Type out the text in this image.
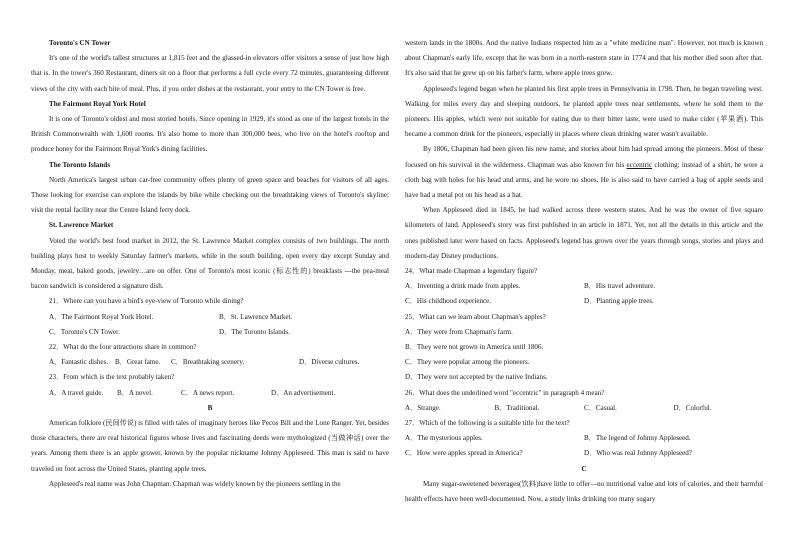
Toronto's CN Tower

It's one of the world's tallest structures at 1,815 feet and the glassed-in elevators offer visitors a sense of just how high that is. In the tower's 360 Restaurant, diners sit on a floor that performs a full cycle every 72 minutes, guaranteeing different views of the city with each bite of meal. Plus, if you order dishes at the restaurant, your entry to the CN Tower is free.

The Fairmont Royal York Hotel

It is one of Toronto's oldest and most storied hotels. Since opening in 1929, it's stood as one of the largest hotels in the British Commonwealth with 1,600 rooms. It's also home to more than 300,000 bees, who live on the hotel's rooftop and produce honey for the Fairmont Royal York's dining facilities.

The Toronto Islands

North America's largest urban car-free community offers plenty of green space and beaches for visitors of all ages. Those looking for exercise can explore the islands by bike while checking out the breathtaking views of Toronto's skyline; visit the rental facility near the Centre Island ferry dock.

St. Lawrence Market

Voted the world's best food market in 2012, the St. Lawrence Market complex consists of two buildings. The north building plays host to weekly Saturday farmer's markets, while in the south building, open every day except Sunday and Monday, meat, baked goods, jewelry…are on offer. One of Toronto's most iconic (标志性的) breakfasts ---the pea-meal bacon sandwich is considered a signature dish.

21．Where can you have a bird's eye-view of Toronto while dining?

A．The Fairmont Royal York Hotel.	B．St. Lawrence Market.
C．Toronto's CN Tower.	D．The Toronto Islands.

22．What do the four attractions share in common?

A．Fantastic dishes. B．Great fame.	C．Breathtaking scenery.	D．Diverse cultures.

23．From which is the text probably taken?

A．A travel guide.	B．A novel.	C．A news report.	D．An advertisement.

B

American folklore (民间传说) is filled with tales of imaginary heroes like Pecos Bill and the Lone Ranger. Yet, besides those characters, there are real historical figures whose lives and fascinating deeds were mythologized (当做神话) over the years. Among them there is an apple grower, known by the popular nickname Johnny Appleseed. This man is said to have traveled on foot across the United States, planting apple trees.

Appleseed's real name was John Chapman. Chapman was widely known by the pioneers settling in the

western lands in the 1800s. And the native Indians respected him as a "white medicine man". However, not much is known about Chapman's early life, except that he was born in a north-eastern state in 1774 and that his mother died soon after that. It's also said that he grew up on his father's farm, where apple trees grew.

Appleseed's legend began when he planted his first apple trees in Pennsylvania in 1798. Then, he began traveling west. Walking for miles every day and sleeping outdoors, he planted apple trees near settlements, where he sold them to the pioneers. His apples, which were not suitable for eating due to their bitter taste, were used to make cider (苹果酒). This became a common drink for the pioneers, especially in places where clean drinking water wasn't available.

By 1806, Chapman had been given his new name, and stories about him had spread among the pioneers. Most of these focused on his survival in the wilderness. Chapman was also known for his eccentric clothing: instead of a shirt, he wore a cloth bag with holes for his head and arms, and he wore no shoes. He is also said to have carried a bag of apple seeds and have had a metal pot on his head as a hat.

When Appleseed died in 1845, he had walked across three western states. And he was the owner of five square kilometers of land. Appleseed's story was first published in an article in 1871. Yet, not all the details in this article and the ones published later were based on facts. Appleseed's legend has grown over the years through songs, stories and plays and modern-day Disney productions.

24．What made Chapman a legendary figure?

A．Inventing a drink made from apples.	B．His travel adventure.
C．His childhood experience.	D．Planting apple trees.

25．What can we learn about Chapman's apples?

A．They were from Chapman's farm.

B．They were not grown in America until 1806.

C．They were popular among the pioneers.

D．They were not accepted by the native Indians.

26．What does the underlined word "eccentric" in paragraph 4 mean?

A．Strange.	B．Traditional.	C．Casual.	D．Colorful.

27．Which of the following is a suitable title for the text?

A．The mysterious apples.	B．The legend of Johnny Appleseed.
C．How were apples spread in America?	D．Who was real Johnny Appleseed?

C

Many sugar-sweetened beverages(饮料)have little to offer—no nutritional value and lots of calories, and their harmful health effects have been well-documented. Now, a study links drinking too many sugary
